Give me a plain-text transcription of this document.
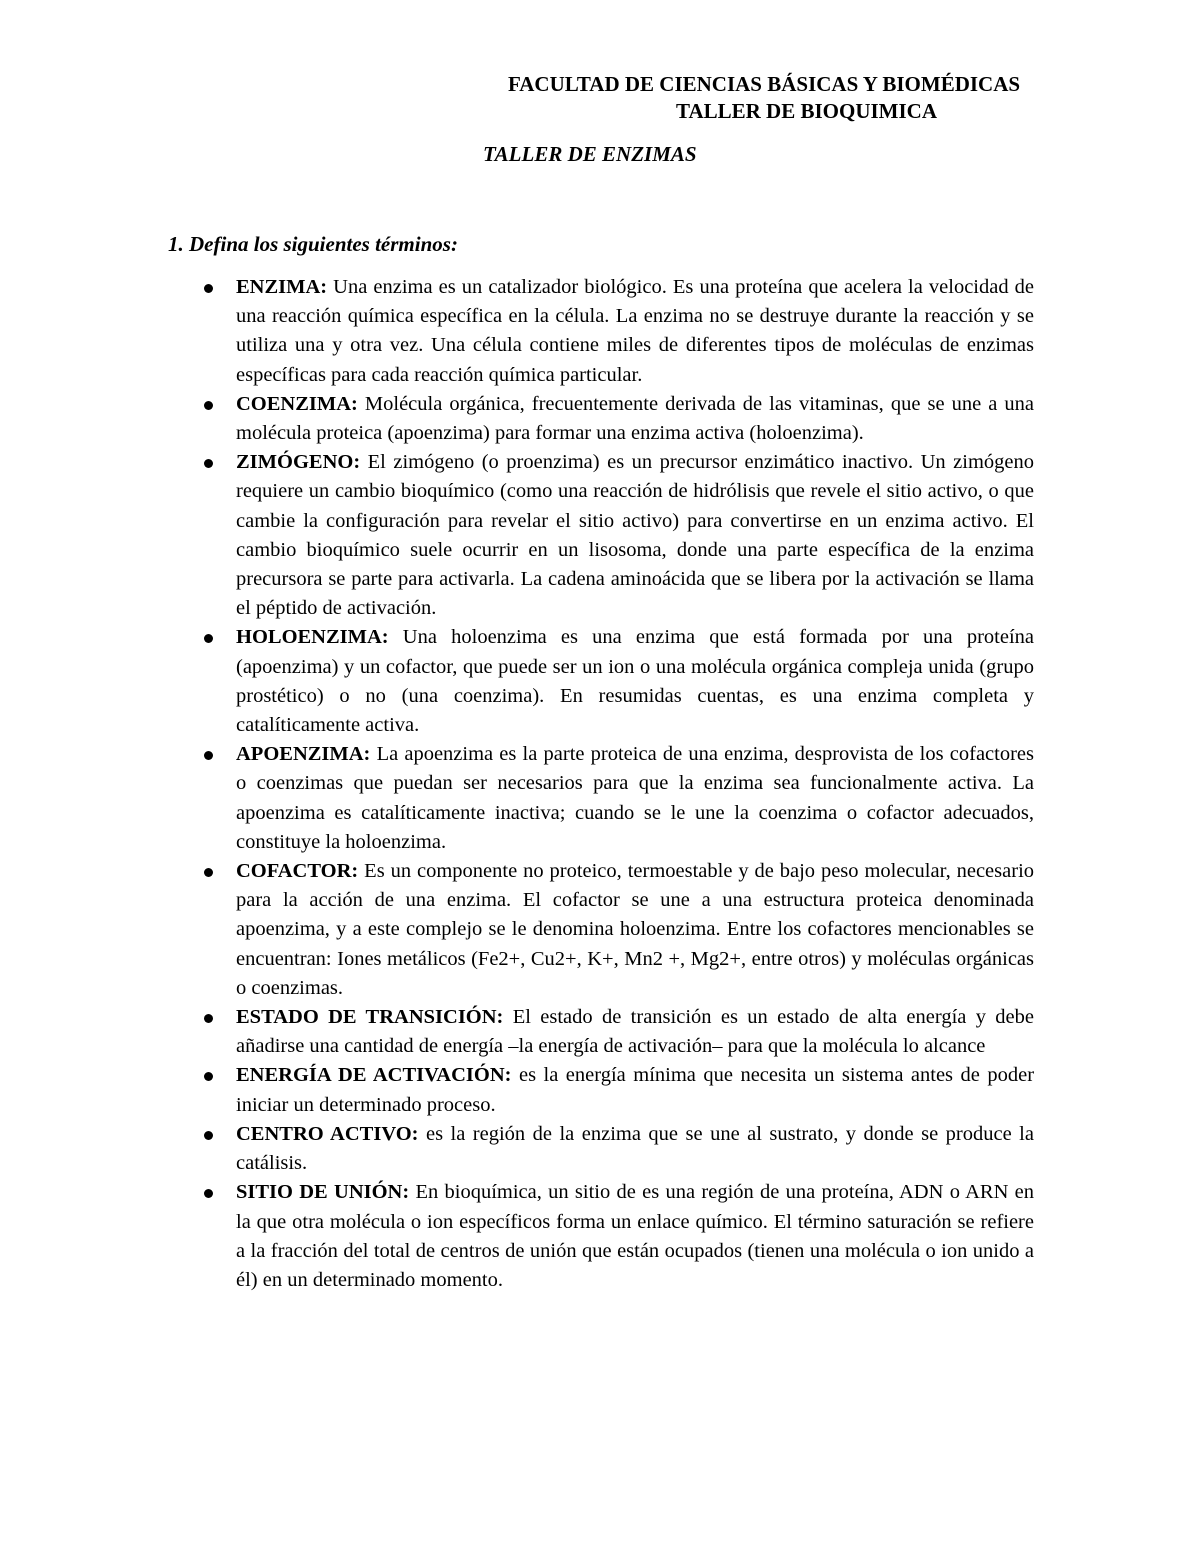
FACULTAD DE CIENCIAS BÁSICAS Y BIOMÉDICAS
TALLER DE BIOQUIMICA
TALLER DE ENZIMAS
1. Defina los siguientes términos:
ENZIMA: Una enzima es un catalizador biológico. Es una proteína que acelera la velocidad de una reacción química específica en la célula. La enzima no se destruye durante la reacción y se utiliza una y otra vez. Una célula contiene miles de diferentes tipos de moléculas de enzimas específicas para cada reacción química particular.
COENZIMA: Molécula orgánica, frecuentemente derivada de las vitaminas, que se une a una molécula proteica (apoenzima) para formar una enzima activa (holoenzima).
ZIMÓGENO: El zimógeno (o proenzima) es un precursor enzimático inactivo. Un zimógeno requiere un cambio bioquímico (como una reacción de hidrólisis que revele el sitio activo, o que cambie la configuración para revelar el sitio activo) para convertirse en un enzima activo. El cambio bioquímico suele ocurrir en un lisosoma, donde una parte específica de la enzima precursora se parte para activarla. La cadena aminoácida que se libera por la activación se llama el péptido de activación.
HOLOENZIMA: Una holoenzima es una enzima que está formada por una proteína (apoenzima) y un cofactor, que puede ser un ion o una molécula orgánica compleja unida (grupo prostético) o no (una coenzima). En resumidas cuentas, es una enzima completa y catalíticamente activa.
APOENZIMA: La apoenzima es la parte proteica de una enzima, desprovista de los cofactores o coenzimas que puedan ser necesarios para que la enzima sea funcionalmente activa. La apoenzima es catalíticamente inactiva; cuando se le une la coenzima o cofactor adecuados, constituye la holoenzima.
COFACTOR: Es un componente no proteico, termoestable y de bajo peso molecular, necesario para la acción de una enzima. El cofactor se une a una estructura proteica denominada apoenzima, y a este complejo se le denomina holoenzima. Entre los cofactores mencionables se encuentran: Iones metálicos (Fe2+, Cu2+, K+, Mn2 +, Mg2+, entre otros) y moléculas orgánicas o coenzimas.
ESTADO DE TRANSICIÓN: El estado de transición es un estado de alta energía y debe añadirse una cantidad de energía –la energía de activación– para que la molécula lo alcance
ENERGÍA DE ACTIVACIÓN: es la energía mínima que necesita un sistema antes de poder iniciar un determinado proceso.
CENTRO ACTIVO: es la región de la enzima que se une al sustrato, y donde se produce la catálisis.
SITIO DE UNIÓN: En bioquímica, un sitio de es una región de una proteína, ADN o ARN en la que otra molécula o ion específicos forma un enlace químico. El término saturación se refiere a la fracción del total de centros de unión que están ocupados (tienen una molécula o ion unido a él) en un determinado momento.
